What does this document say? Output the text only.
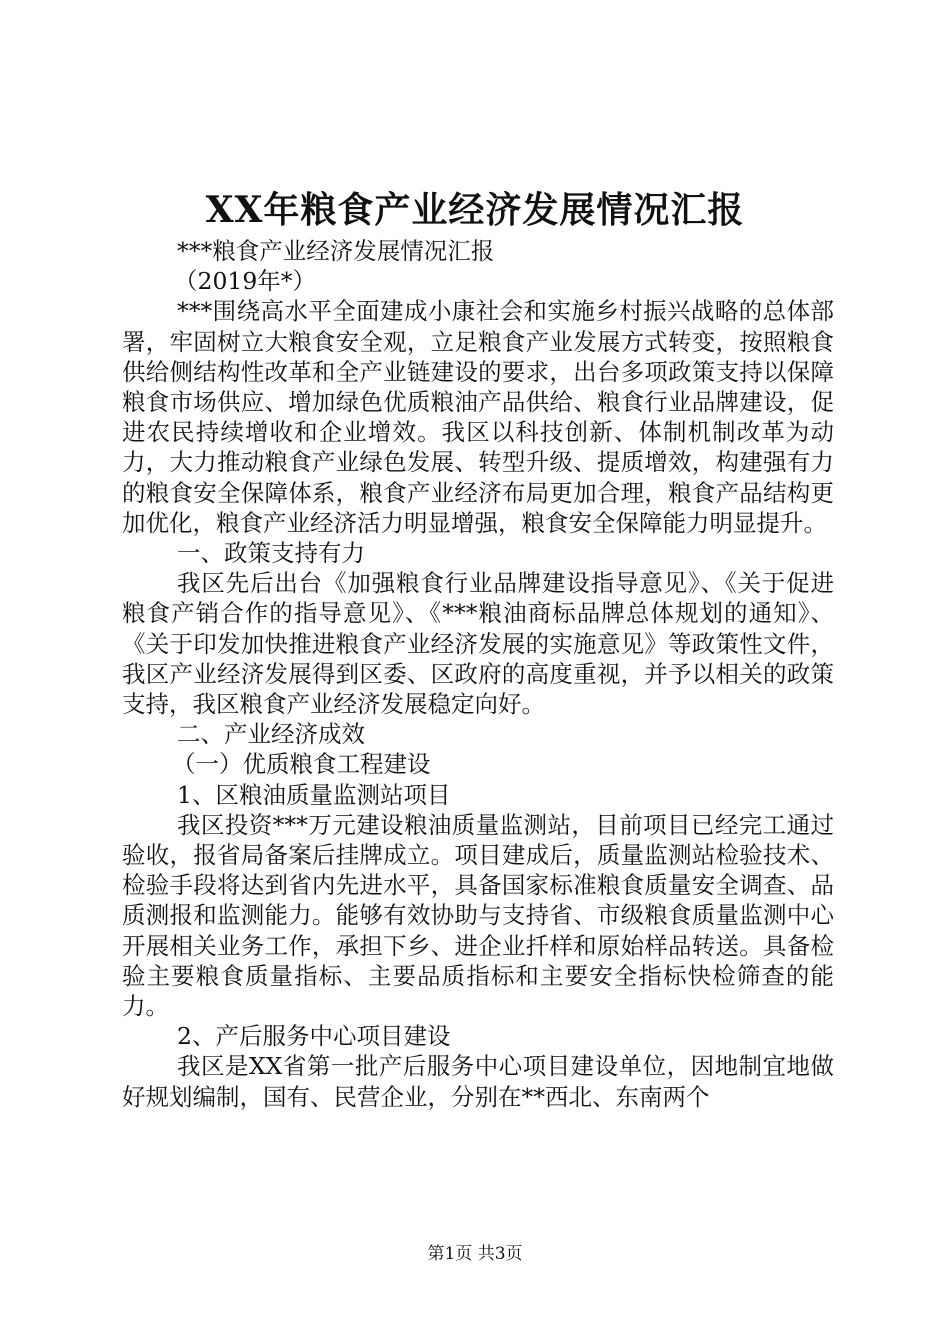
XX年粮食产业经济发展情况汇报

***粮食产业经济发展情况汇报

（2019年*）

***围绕高水平全面建成小康社会和实施乡村振兴战略的总体部署，牢固树立大粮食安全观，立足粮食产业发展方式转变，按照粮食供给侧结构性改革和全产业链建设的要求，出台多项政策支持以保障粮食市场供应、增加绿色优质粮油产品供给、粮食行业品牌建设，促进农民持续增收和企业增效。我区以科技创新、体制机制改革为动力，大力推动粮食产业绿色发展、转型升级、提质增效，构建强有力的粮食安全保障体系，粮食产业经济布局更加合理，粮食产品结构更加优化，粮食产业经济活力明显增强，粮食安全保障能力明显提升。

一、政策支持有力

我区先后出台《加强粮食行业品牌建设指导意见》、《关于促进粮食产销合作的指导意见》、《***粮油商标品牌总体规划的通知》、《关于印发加快推进粮食产业经济发展的实施意见》等政策性文件，我区产业经济发展得到区委、区政府的高度重视，并予以相关的政策支持，我区粮食产业经济发展稳定向好。

二、产业经济成效

（一）优质粮食工程建设

1、区粮油质量监测站项目

我区投资***万元建设粮油质量监测站，目前项目已经完工通过验收，报省局备案后挂牌成立。项目建成后，质量监测站检验技术、检验手段将达到省内先进水平，具备国家标准粮食质量安全调查、品质测报和监测能力。能够有效协助与支持省、市级粮食质量监测中心开展相关业务工作，承担下乡、进企业扦样和原始样品转送。具备检验主要粮食质量指标、主要品质指标和主要安全指标快检筛查的能力。

2、产后服务中心项目建设

我区是XX省第一批产后服务中心项目建设单位，因地制宜地做好规划编制，国有、民营企业，分别在**西北、东南两个

第1页 共3页
